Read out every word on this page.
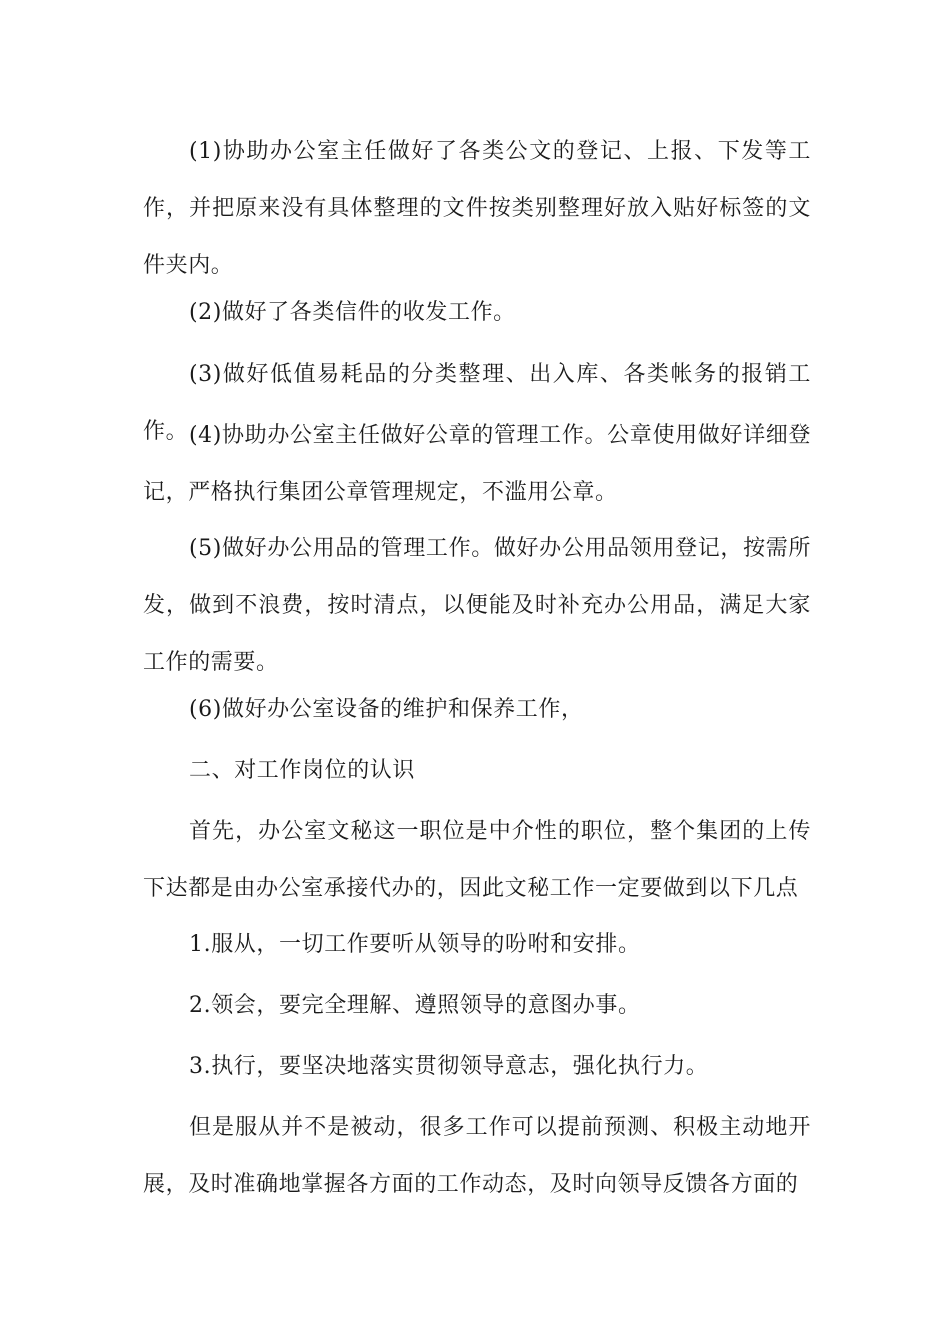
(1)协助办公室主任做好了各类公文的登记、上报、下发等工作，并把原来没有具体整理的文件按类别整理好放入贴好标签的文件夹内。

(2)做好了各类信件的收发工作。

(3)做好低值易耗品的分类整理、出入库、各类帐务的报销工作。 (4)协助办公室主任做好公章的管理工作。公章使用做好详细登记，严格执行集团公章管理规定，不滥用公章。

(5)做好办公用品的管理工作。做好办公用品领用登记，按需所发，做到不浪费，按时清点，以便能及时补充办公用品，满足大家工作的需要。

(6)做好办公室设备的维护和保养工作，

二、对工作岗位的认识

首先，办公室文秘这一职位是中介性的职位，整个集团的上传下达都是由办公室承接代办的，因此文秘工作一定要做到以下几点

1.服从，一切工作要听从领导的吩咐和安排。

2.领会，要完全理解、遵照领导的意图办事。

3.执行，要坚决地落实贯彻领导意志，强化执行力。

但是服从并不是被动，很多工作可以提前预测、积极主动地开展，及时准确地掌握各方面的工作动态，及时向领导反馈各方面的
